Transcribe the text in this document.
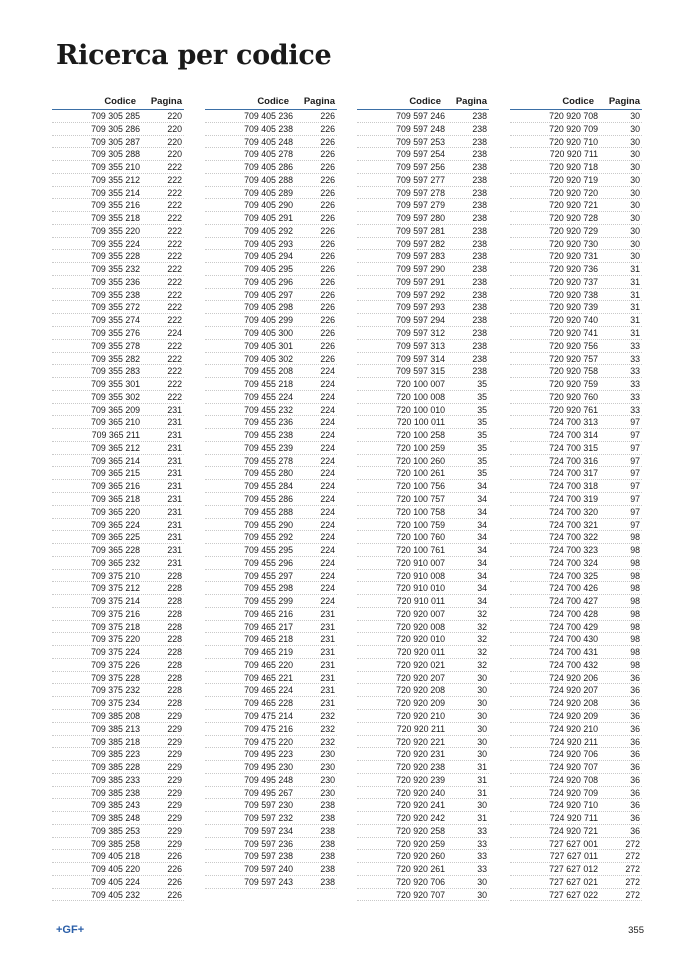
Ricerca per codice
Codice Pagina
709 305 285	220
709 305 286	220
709 305 287	220
709 305 288	220
709 355 210	222
709 355 212	222
709 355 214	222
709 355 216	222
709 355 218	222
709 355 220	222
709 355 224	222
709 355 228	222
709 355 232	222
709 355 236	222
709 355 238	222
709 355 272	222
709 355 274	222
709 355 276	224
709 355 278	222
709 355 282	222
709 355 283	222
709 355 301	222
709 355 302	222
709 365 209	231
709 365 210	231
709 365 211	231
709 365 212	231
709 365 214	231
709 365 215	231
709 365 216	231
709 365 218	231
709 365 220	231
709 365 224	231
709 365 225	231
709 365 228	231
709 365 232	231
709 375 210	228
709 375 212	228
709 375 214	228
709 375 216	228
709 375 218	228
709 375 220	228
709 375 224	228
709 375 226	228
709 375 228	228
709 375 232	228
709 375 234	228
709 385 208	229
709 385 213	229
709 385 218	229
709 385 223	229
709 385 228	229
709 385 233	229
709 385 238	229
709 385 243	229
709 385 248	229
709 385 253	229
709 385 258	229
709 405 218	226
709 405 220	226
709 405 224	226
709 405 232	226
Codice Pagina
709 405 236	226
709 405 238	226
709 405 248	226
709 405 278	226
709 405 286	226
709 405 288	226
709 405 289	226
709 405 290	226
709 405 291	226
709 405 292	226
709 405 293	226
709 405 294	226
709 405 295	226
709 405 296	226
709 405 297	226
709 405 298	226
709 405 299	226
709 405 300	226
709 405 301	226
709 405 302	226
709 455 208	224
709 455 218	224
709 455 224	224
709 455 232	224
709 455 236	224
709 455 238	224
709 455 239	224
709 455 278	224
709 455 280	224
709 455 284	224
709 455 286	224
709 455 288	224
709 455 290	224
709 455 292	224
709 455 295	224
709 455 296	224
709 455 297	224
709 455 298	224
709 455 299	224
709 465 216	231
709 465 217	231
709 465 218	231
709 465 219	231
709 465 220	231
709 465 221	231
709 465 224	231
709 465 228	231
709 475 214	232
709 475 216	232
709 475 220	232
709 495 223	230
709 495 230	230
709 495 248	230
709 495 267	230
709 597 230	238
709 597 232	238
709 597 234	238
709 597 236	238
709 597 238	238
709 597 240	238
709 597 243	238
Codice Pagina
709 597 246	238
709 597 248	238
709 597 253	238
709 597 254	238
709 597 256	238
709 597 277	238
709 597 278	238
709 597 279	238
709 597 280	238
709 597 281	238
709 597 282	238
709 597 283	238
709 597 290	238
709 597 291	238
709 597 292	238
709 597 293	238
709 597 294	238
709 597 312	238
709 597 313	238
709 597 314	238
709 597 315	238
720 100 007	35
720 100 008	35
720 100 010	35
720 100 011	35
720 100 258	35
720 100 259	35
720 100 260	35
720 100 261	35
720 100 756	34
720 100 757	34
720 100 758	34
720 100 759	34
720 100 760	34
720 100 761	34
720 910 007	34
720 910 008	34
720 910 010	34
720 910 011	34
720 920 007	32
720 920 008	32
720 920 010	32
720 920 011	32
720 920 021	32
720 920 207	30
720 920 208	30
720 920 209	30
720 920 210	30
720 920 211	30
720 920 221	30
720 920 231	30
720 920 238	31
720 920 239	31
720 920 240	31
720 920 241	30
720 920 242	31
720 920 258	33
720 920 259	33
720 920 260	33
720 920 261	33
720 920 706	30
720 920 707	30
Codice Pagina
720 920 708	30
720 920 709	30
720 920 710	30
720 920 711	30
720 920 718	30
720 920 719	30
720 920 720	30
720 920 721	30
720 920 728	30
720 920 729	30
720 920 730	30
720 920 731	30
720 920 736	31
720 920 737	31
720 920 738	31
720 920 739	31
720 920 740	31
720 920 741	31
720 920 756	33
720 920 757	33
720 920 758	33
720 920 759	33
720 920 760	33
720 920 761	33
724 700 313	97
724 700 314	97
724 700 315	97
724 700 316	97
724 700 317	97
724 700 318	97
724 700 319	97
724 700 320	97
724 700 321	97
724 700 322	98
724 700 323	98
724 700 324	98
724 700 325	98
724 700 426	98
724 700 427	98
724 700 428	98
724 700 429	98
724 700 430	98
724 700 431	98
724 700 432	98
724 920 206	36
724 920 207	36
724 920 208	36
724 920 209	36
724 920 210	36
724 920 211	36
724 920 706	36
724 920 707	36
724 920 708	36
724 920 709	36
724 920 710	36
724 920 711	36
724 920 721	36
727 627 001	272
727 627 011	272
727 627 012	272
727 627 021	272
727 627 022	272
+GF+	355
